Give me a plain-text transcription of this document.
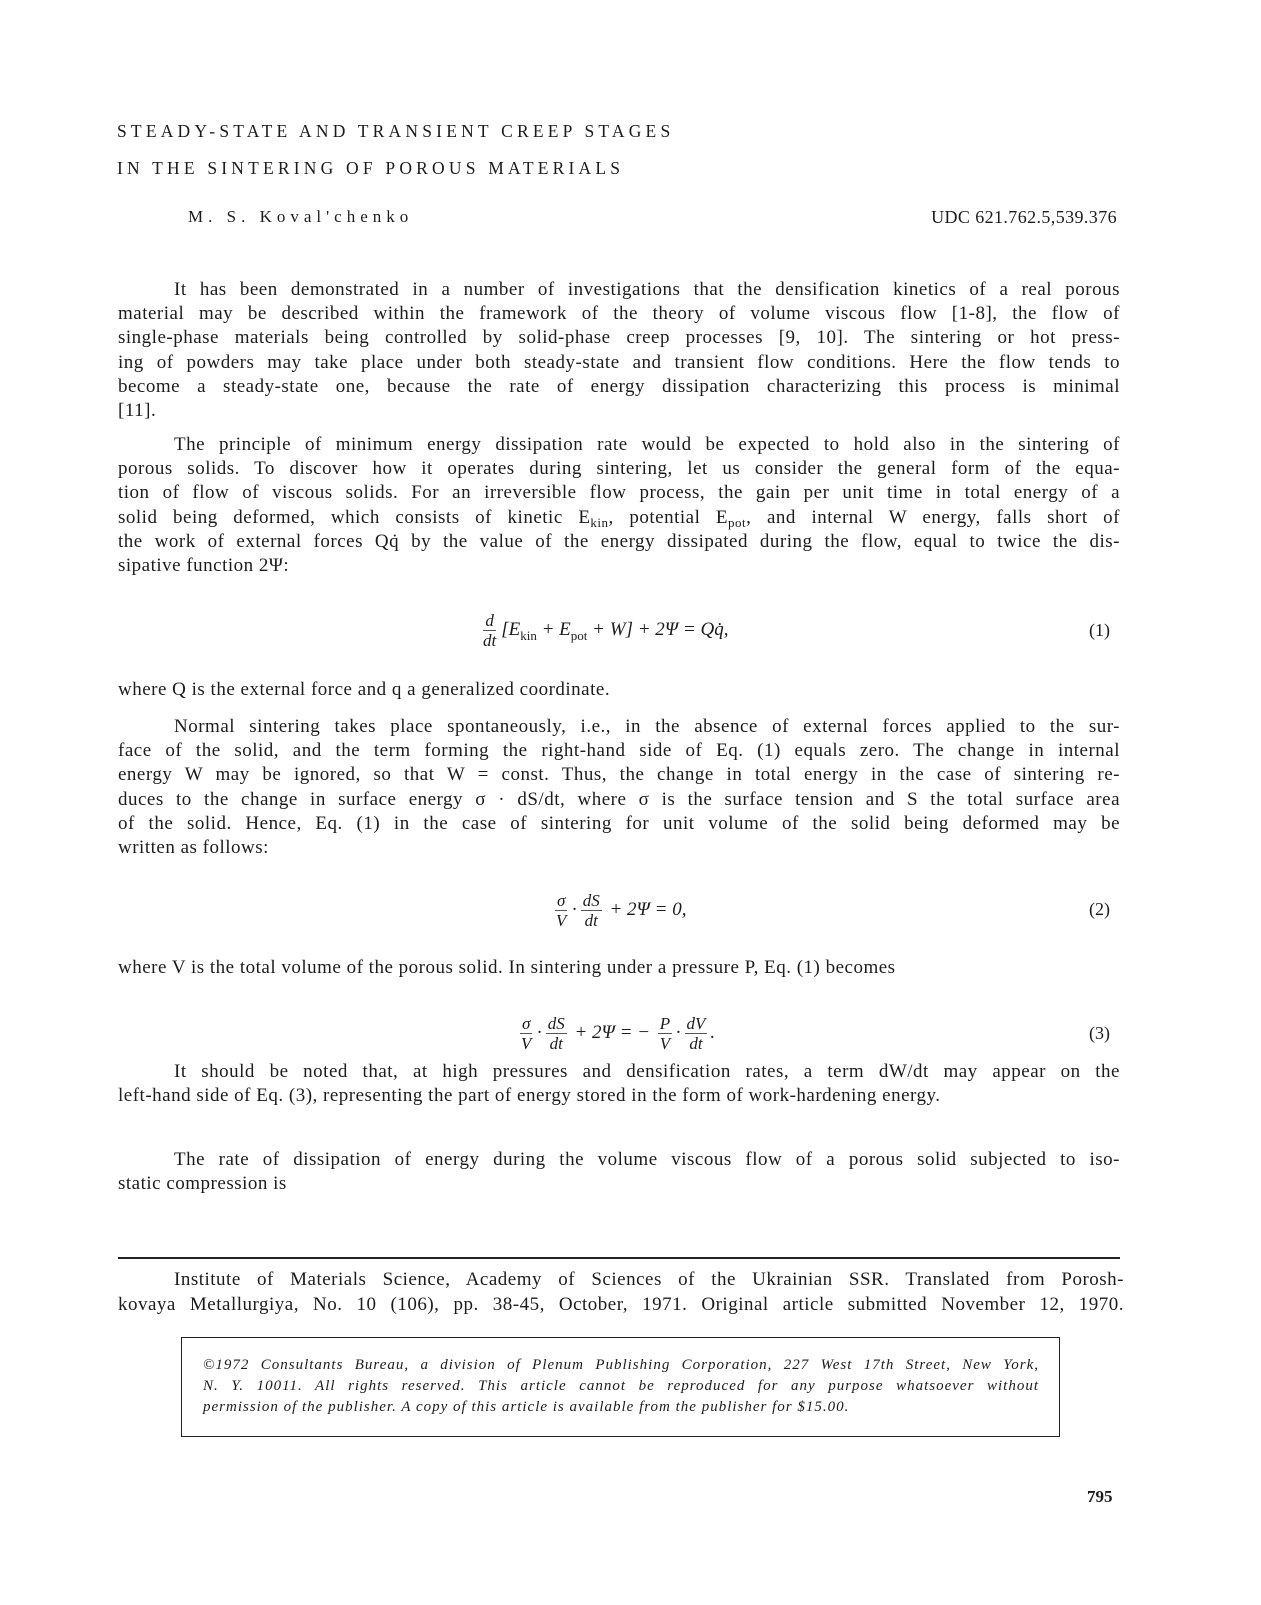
STEADY-STATE AND TRANSIENT CREEP STAGES
IN THE SINTERING OF POROUS MATERIALS
M. S. Koval'chenko	UDC 621.762.5,539.376
It has been demonstrated in a number of investigations that the densification kinetics of a real porous
material may be described within the framework of the theory of volume viscous flow [1-8], the flow of
single-phase materials being controlled by solid-phase creep processes [9, 10]. The sintering or hot press-
ing of powders may take place under both steady-state and transient flow conditions. Here the flow tends to
become a steady-state one, because the rate of energy dissipation characterizing this process is minimal
[11].
The principle of minimum energy dissipation rate would be expected to hold also in the sintering of
porous solids. To discover how it operates during sintering, let us consider the general form of the equa-
tion of flow of viscous solids. For an irreversible flow process, the gain per unit time in total energy of a
solid being deformed, which consists of kinetic $E_{kin}$, potential $E_{pot}$, and internal W energy, falls short of
the work of external forces Qq̇ by the value of the energy dissipated during the flow, equal to twice the dis-
sipative function 2Ψ:
$\frac{d}{dt} [E$ kin + E pot + W] + 2Ψ = Qq̇,	(1)
where Q is the external force and q a generalized coordinate.
Normal sintering takes place spontaneously, i.e., in the absence of external forces applied to the sur-
face of the solid, and the term forming the right-hand side of Eq. (1) equals zero. The change in internal
energy W may be ignored, so that W = const. Thus, the change in total energy in the case of sintering re-
duces to the change in surface energy σ · dS/dt, where σ is the surface tension and S the total surface area
of the solid. Hence, Eq. (1) in the case of sintering for unit volume of the solid being deformed may be
written as follows:
$\frac{\sigma}{V} \cdot \frac{dS}{dt} + 2\Psi = 0$,	(2)
where V is the total volume of the porous solid. In sintering under a pressure P, Eq. (1) becomes
$\frac{\sigma}{V} \cdot \frac{dS}{dt} + 2\Psi$ = − $\frac{P}{V} \cdot \frac{dV}{dt}$ .	(3)
It should be noted that, at high pressures and densification rates, a term dW/dt may appear on the
left-hand side of Eq. (3), representing the part of energy stored in the form of work-hardening energy.
The rate of dissipation of energy during the volume viscous flow of a porous solid subjected to iso-
static compression is
Institute of Materials Science, Academy of Sciences of the Ukrainian SSR. Translated from Porosh-
kovaya Metallurgiya, No. 10 (106), pp. 38-45, October, 1971. Original article submitted November 12, 1970.
©1972 Consultants Bureau, a division of Plenum Publishing Corporation, 227 West 17th Street, New York,
N. Y. 10011. All rights reserved. This article cannot be reproduced for any purpose whatsoever without
permission of the publisher. A copy of this article is available from the publisher for $15.00.
795
